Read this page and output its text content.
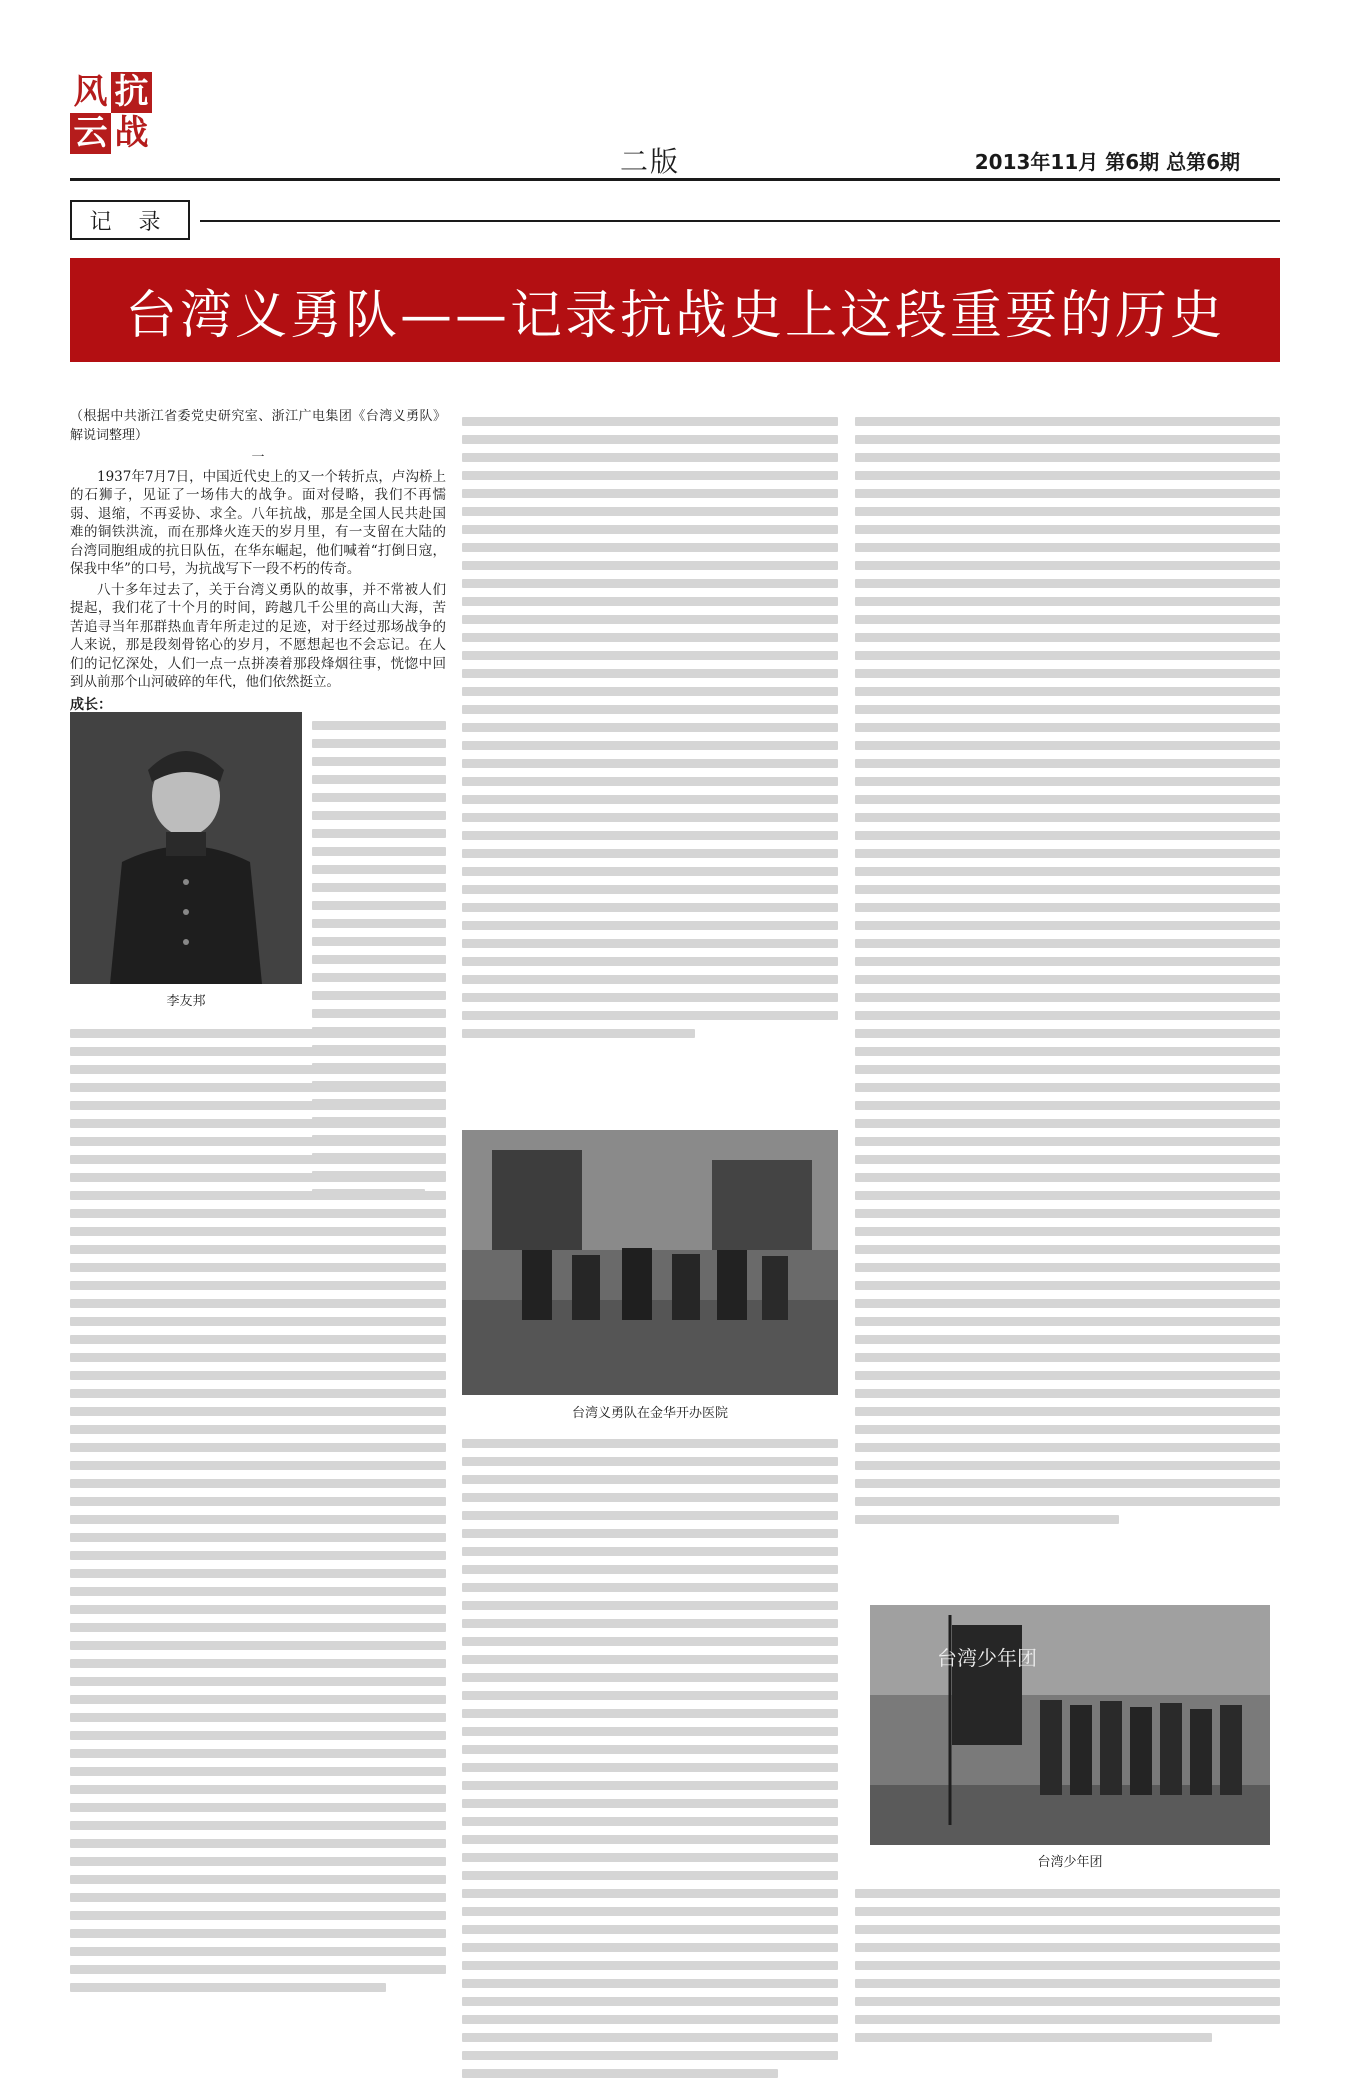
风 抗
云 战
二版	2013年11月 第6期 总第6期
记 录
台湾义勇队——记录抗战史上这段重要的历史
（根据中共浙江省委党史研究室、浙江广电集团《台湾义勇队》解说词整理）
一

1937年7月7日，中国近代史上的又一个转折点，卢沟桥上的石狮子，见证了一场伟大的战争。面对侵略，我们不再懦弱、退缩，不再妥协、求全。八年抗战，那是全国人民共赴国难的铜铁洪流，而在那烽火连天的岁月里，有一支留在大陆的台湾同胞组成的抗日队伍，在华东崛起，他们喊着“打倒日寇，保我中华”的口号，为抗战写下一段不朽的传奇。

八十多年过去了，关于台湾义勇队的故事，并不常被人们提起，我们花了十个月的时间，跨越几千公里的高山大海，苦苦追寻当年那群热血青年所走过的足迹，对于经过那场战争的人来说，那是段刻骨铭心的岁月，不愿想起也不会忘记。在人们的记忆深处，人们一点一点拼凑着那段烽烟往事，恍惚中回到从前那个山河破碎的年代，他们依然挺立。

成长：
李友邦
台湾义勇队在金华开办医院
台湾少年团
台湾少年团
